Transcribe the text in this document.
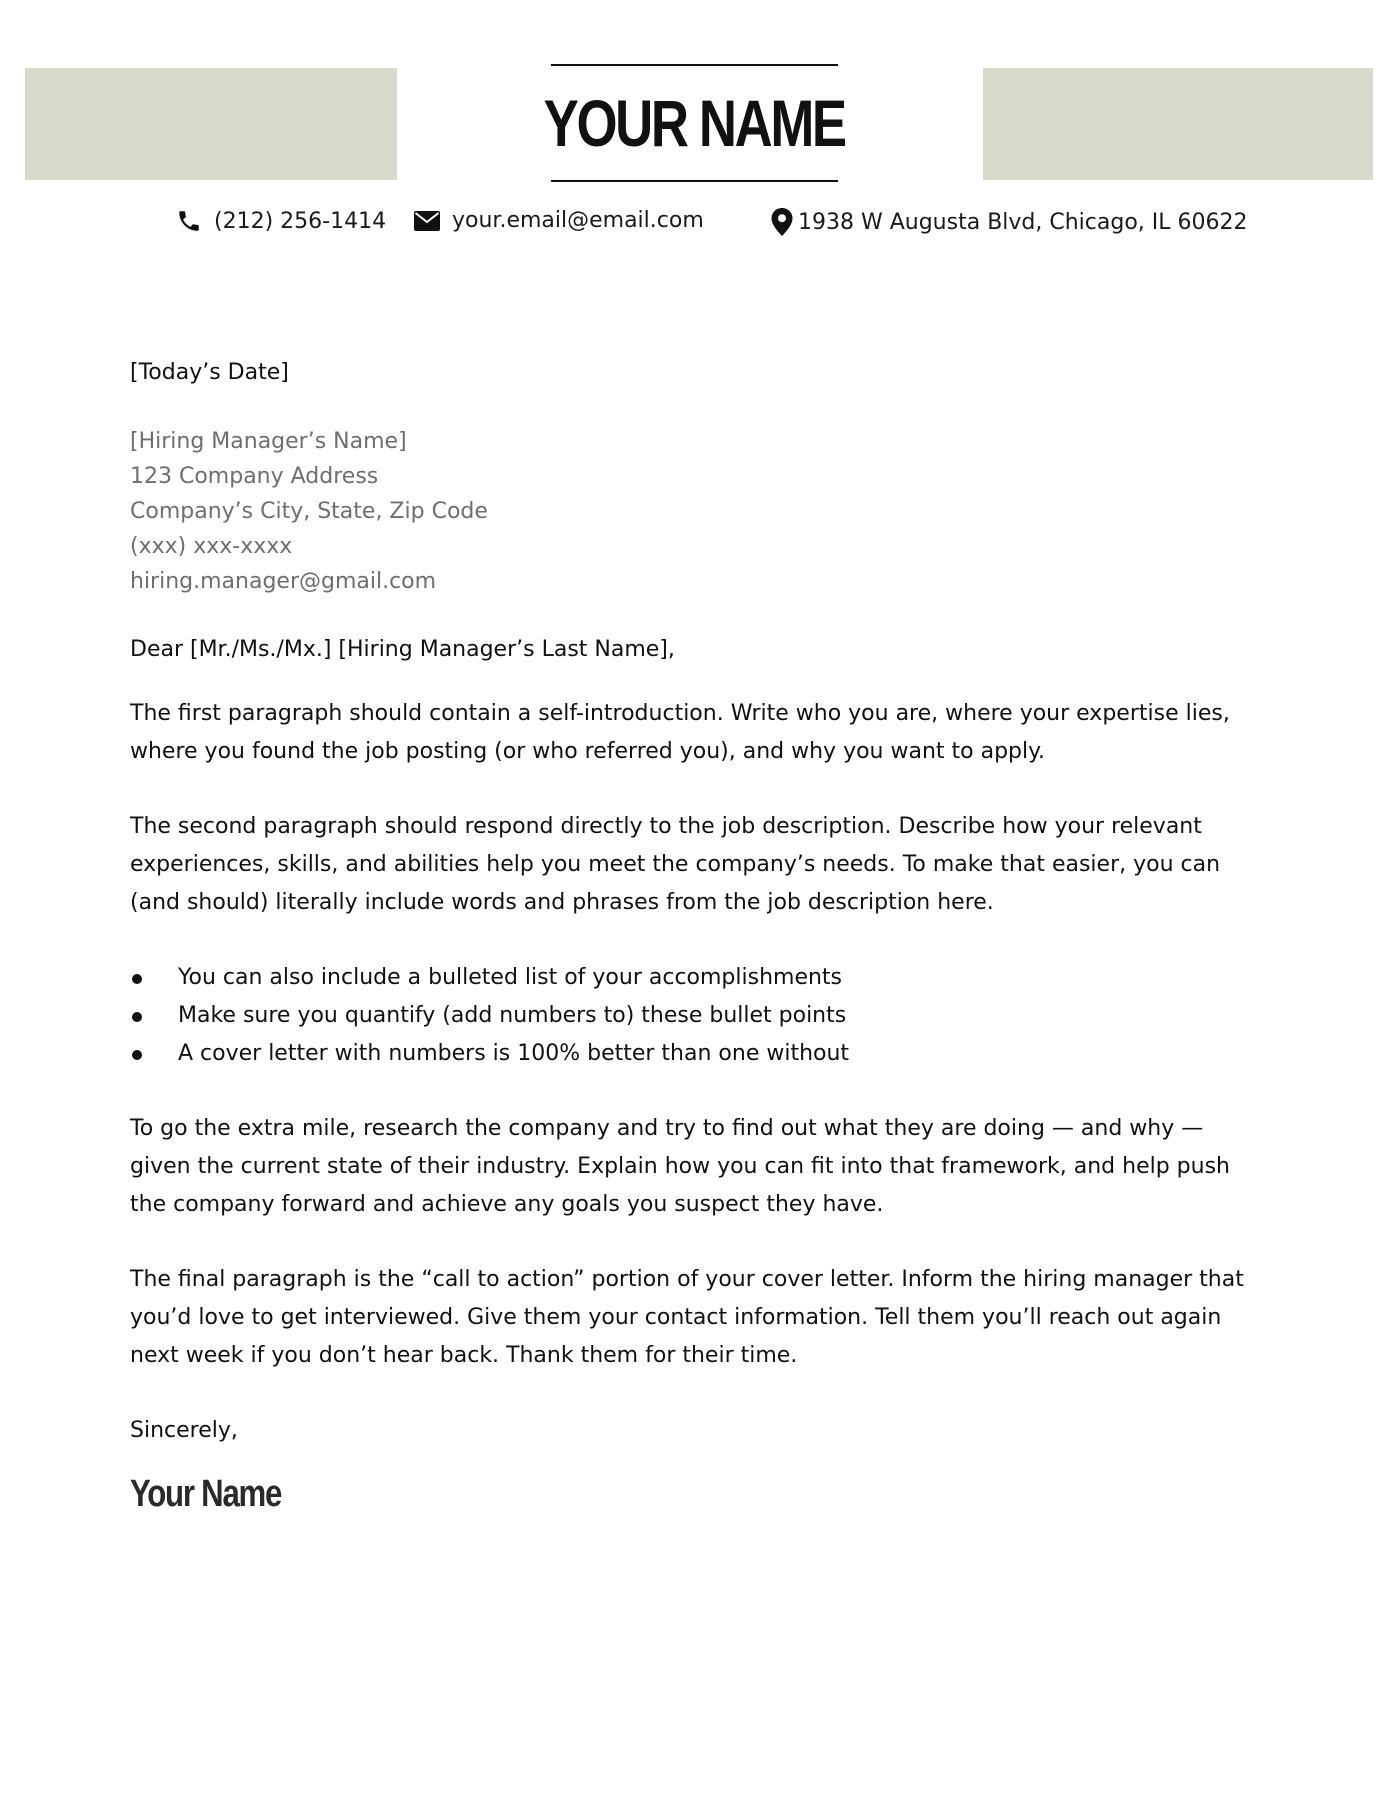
YOUR NAME
(212) 256-1414	your.email@email.com	1938 W Augusta Blvd, Chicago, IL 60622

[Today’s Date]

[Hiring Manager’s Name]
123 Company Address
Company’s City, State, Zip Code
(xxx) xxx-xxxx
hiring.manager@gmail.com

Dear [Mr./Ms./Mx.] [Hiring Manager’s Last Name],

The first paragraph should contain a self-introduction. Write who you are, where your expertise lies, where you found the job posting (or who referred you), and why you want to apply.

The second paragraph should respond directly to the job description. Describe how your relevant experiences, skills, and abilities help you meet the company’s needs. To make that easier, you can (and should) literally include words and phrases from the job description here.

You can also include a bulleted list of your accomplishments
Make sure you quantify (add numbers to) these bullet points
A cover letter with numbers is 100% better than one without

To go the extra mile, research the company and try to find out what they are doing — and why — given the current state of their industry. Explain how you can fit into that framework, and help push the company forward and achieve any goals you suspect they have.

The final paragraph is the “call to action” portion of your cover letter. Inform the hiring manager that you’d love to get interviewed. Give them your contact information. Tell them you’ll reach out again next week if you don’t hear back. Thank them for their time.

Sincerely,

Your Name
